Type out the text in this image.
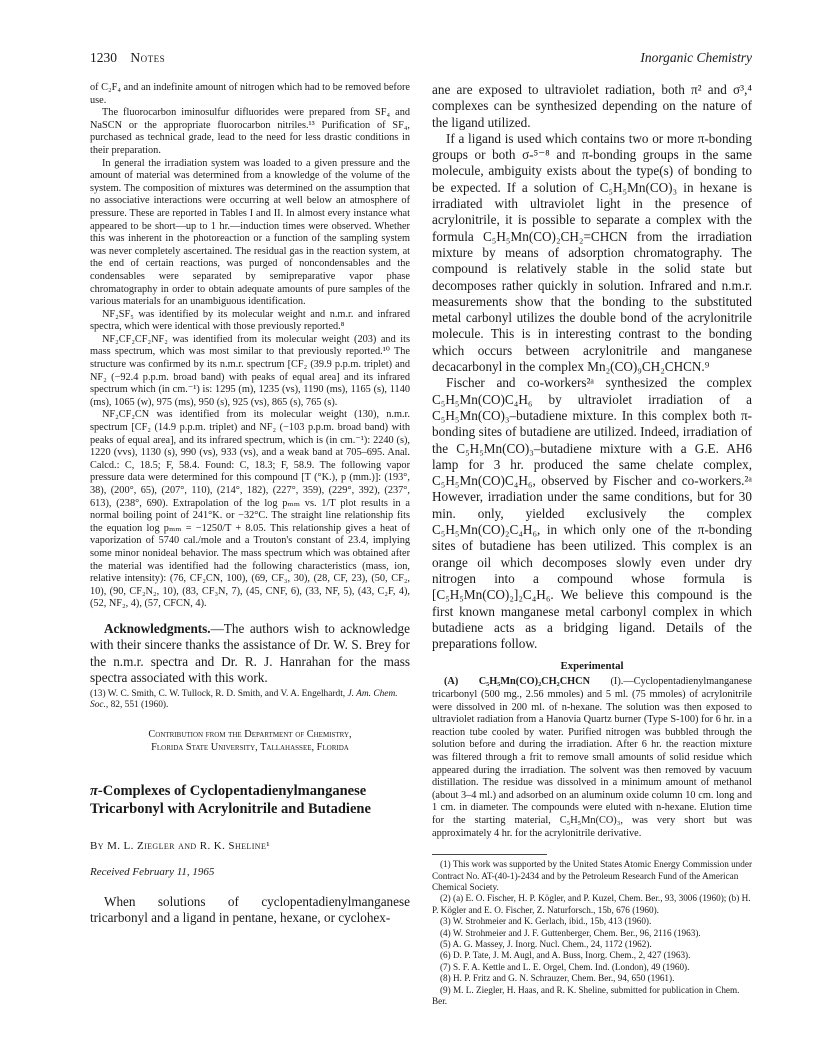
1230 Notes	Inorganic Chemistry

of C₂F₄ and an indefinite amount of nitrogen which had to be removed before use.

The fluorocarbon iminosulfur difluorides were prepared from SF₄ and NaSCN or the appropriate fluorocarbon nitriles.¹³ Purification of SF₄, purchased as technical grade, lead to the need for less drastic conditions in their preparation.

In general the irradiation system was loaded to a given pressure and the amount of material was determined from a knowledge of the volume of the system. The composition of mixtures was determined on the assumption that no associative interactions were occurring at well below an atmosphere of pressure. These are reported in Tables I and II. In almost every instance what appeared to be short—up to 1 hr.—induction times were observed. Whether this was inherent in the photoreaction or a function of the sampling system was never completely ascertained. The residual gas in the reaction system, at the end of certain reactions, was purged of noncondensables and the condensables were separated by semipreparative vapor phase chromatography in order to obtain adequate amounts of pure samples of the various materials for an unambiguous identification.

NF₂SF₅ was identified by its molecular weight and n.m.r. and infrared spectra, which were identical with those previously reported.⁸

NF₂CF₂CF₂NF₂ was identified from its molecular weight (203) and its mass spectrum, which was most similar to that previously reported.¹⁰ The structure was confirmed by its n.m.r. spectrum [CF₂ (39.9 p.p.m. triplet) and NF₂ (−92.4 p.p.m. broad band) with peaks of equal area] and its infrared spectrum which (in cm.⁻¹) is: 1295 (m), 1235 (vs), 1190 (ms), 1165 (s), 1140 (ms), 1065 (w), 975 (ms), 950 (s), 925 (vs), 865 (s), 765 (s).

NF₂CF₂CN was identified from its molecular weight (130), n.m.r. spectrum [CF₂ (14.9 p.p.m. triplet) and NF₂ (−103 p.p.m. broad band) with peaks of equal area], and its infrared spectrum, which is (in cm.⁻¹): 2240 (s), 1220 (vvs), 1130 (s), 990 (vs), 933 (vs), and a weak band at 705–695. Anal. Calcd.: C, 18.5; F, 58.4. Found: C, 18.3; F, 58.9. The following vapor pressure data were determined for this compound [T (°K.), p (mm.)]: (193°, 38), (200°, 65), (207°, 110), (214°, 182), (227°, 359), (229°, 392), (237°, 613), (238°, 690). Extrapolation of the log pₘₘ vs. 1/T plot results in a normal boiling point of 241°K. or −32°C. The straight line relationship fits the equation log pₘₘ = −1250/T + 8.05. This relationship gives a heat of vaporization of 5740 cal./mole and a Trouton's constant of 23.4, implying some minor nonideal behavior. The mass spectrum which was obtained after the material was identified had the following characteristics (mass, ion, relative intensity): (76, CF₂CN, 100), (69, CF₃, 30), (28, CF, 23), (50, CF₂, 10), (90, CF₂N₂, 10), (83, CF₃N, 7), (45, CNF, 6), (33, NF, 5), (43, C₂F, 4), (52, NF₂, 4), (57, CFCN, 4).

Acknowledgments.—The authors wish to acknowledge with their sincere thanks the assistance of Dr. W. S. Brey for the n.m.r. spectra and Dr. R. J. Hanrahan for the mass spectra associated with this work.

(13) W. C. Smith, C. W. Tullock, R. D. Smith, and V. A. Engelhardt, J. Am. Chem. Soc., 82, 551 (1960).
Contribution from the Department of Chemistry,
Florida State University, Tallahassee, Florida
π-Complexes of Cyclopentadienylmanganese Tricarbonyl with Acrylonitrile and Butadiene
By M. L. Ziegler and R. K. Sheline¹
Received February 11, 1965

When solutions of cyclopentadienylmanganese tricarbonyl and a ligand in pentane, hexane, or cyclohex-

ane are exposed to ultraviolet radiation, both π² and σ³,⁴ complexes can be synthesized depending on the nature of the ligand utilized.

If a ligand is used which contains two or more π-bonding groups or both σ-⁵⁻⁸ and π-bonding groups in the same molecule, ambiguity exists about the type(s) of bonding to be expected. If a solution of C₅H₅Mn(CO)₃ in hexane is irradiated with ultraviolet light in the presence of acrylonitrile, it is possible to separate a complex with the formula C₅H₅Mn(CO)₂CH₂=CHCN from the irradiation mixture by means of adsorption chromatography. The compound is relatively stable in the solid state but decomposes rather quickly in solution. Infrared and n.m.r. measurements show that the bonding to the substituted metal carbonyl utilizes the double bond of the acrylonitrile molecule. This is in interesting contrast to the bonding which occurs between acrylonitrile and manganese decacarbonyl in the complex Mn₂(CO)₉CH₂CHCN.⁹

Fischer and co-workers²ᵃ synthesized the complex C₅H₅Mn(CO)C₄H₆ by ultraviolet irradiation of a C₅H₅Mn(CO)₃–butadiene mixture. In this complex both π-bonding sites of butadiene are utilized. Indeed, irradiation of the C₅H₅Mn(CO)₃–butadiene mixture with a G.E. AH6 lamp for 3 hr. produced the same chelate complex, C₅H₅Mn(CO)C₄H₆, observed by Fischer and co-workers.²ᵃ However, irradiation under the same conditions, but for 30 min. only, yielded exclusively the complex C₅H₅Mn(CO)₂C₄H₆, in which only one of the π-bonding sites of butadiene has been utilized. This complex is an orange oil which decomposes slowly even under dry nitrogen into a compound whose formula is [C₅H₅Mn(CO)₂]₂C₄H₆. We believe this compound is the first known manganese metal carbonyl complex in which butadiene acts as a bridging ligand. Details of the preparations follow.

Experimental

(A) C₅H₅Mn(CO)₂CH₂CHCN (I).—Cyclopentadienylmanganese tricarbonyl (500 mg., 2.56 mmoles) and 5 ml. (75 mmoles) of acrylonitrile were dissolved in 200 ml. of n-hexane. The solution was then exposed to ultraviolet radiation from a Hanovia Quartz burner (Type S-100) for 6 hr. in a reaction tube cooled by water. Purified nitrogen was bubbled through the solution before and during the irradiation. After 6 hr. the reaction mixture was filtered through a frit to remove small amounts of solid residue which appeared during the irradiation. The solvent was then removed by vacuum distillation. The residue was dissolved in a minimum amount of methanol (about 3–4 ml.) and adsorbed on an aluminum oxide column 10 cm. long and 1 cm. in diameter. The compounds were eluted with n-hexane. Elution time for the starting material, C₅H₅Mn(CO)₃, was very short but was approximately 4 hr. for the acrylonitrile derivative.

(1) This work was supported by the United States Atomic Energy Commission under Contract No. AT-(40-1)-2434 and by the Petroleum Research Fund of the American Chemical Society.
(2) (a) E. O. Fischer, H. P. Kögler, and P. Kuzel, Chem. Ber., 93, 3006 (1960); (b) H. P. Kögler and E. O. Fischer, Z. Naturforsch., 15b, 676 (1960).
(3) W. Strohmeier and K. Gerlach, ibid., 15b, 413 (1960).
(4) W. Strohmeier and J. F. Guttenberger, Chem. Ber., 96, 2116 (1963).
(5) A. G. Massey, J. Inorg. Nucl. Chem., 24, 1172 (1962).
(6) D. P. Tate, J. M. Augl, and A. Buss, Inorg. Chem., 2, 427 (1963).
(7) S. F. A. Kettle and L. E. Orgel, Chem. Ind. (London), 49 (1960).
(8) H. P. Fritz and G. N. Schrauzer, Chem. Ber., 94, 650 (1961).
(9) M. L. Ziegler, H. Haas, and R. K. Sheline, submitted for publication in Chem. Ber.
